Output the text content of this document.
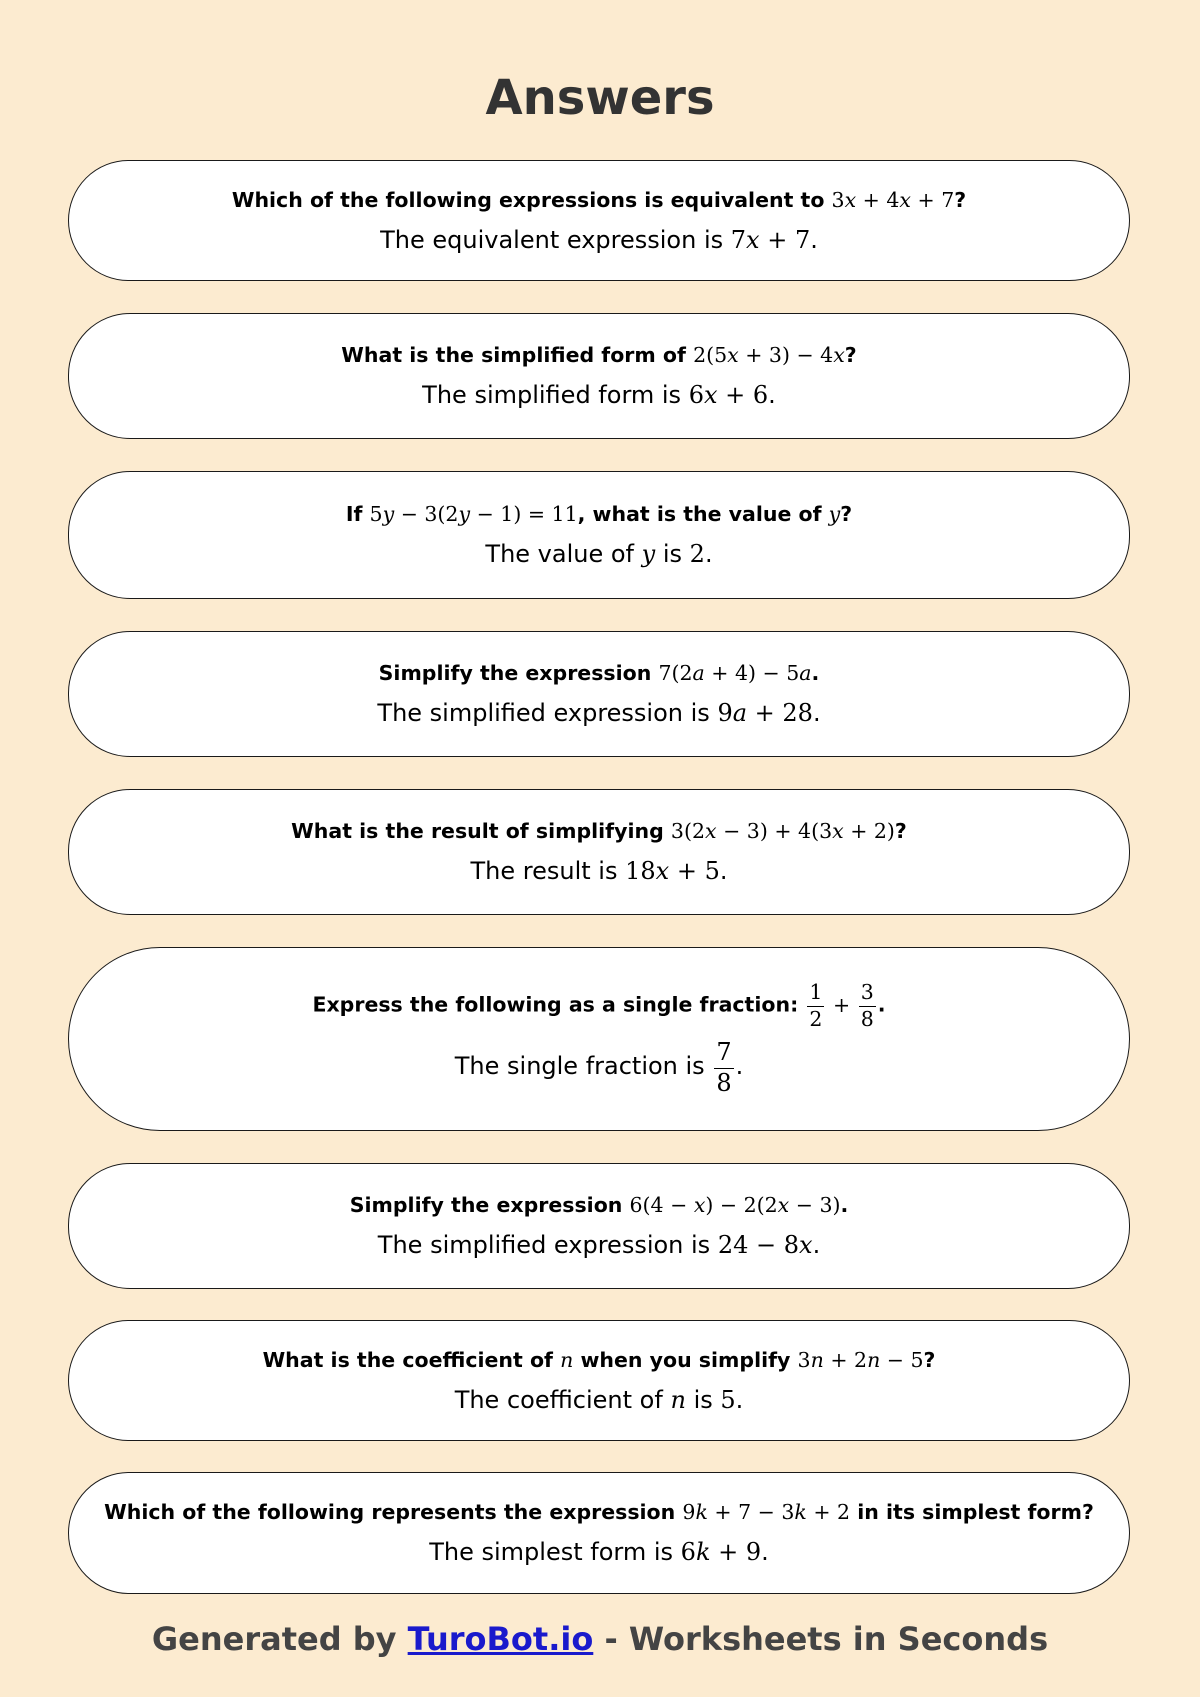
Answers
Which of the following expressions is equivalent to 3x + 4x + 7?
The equivalent expression is 7x + 7.
What is the simplified form of 2(5x + 3) − 4x?
The simplified form is 6x + 6.
If 5y − 3(2y − 1) = 11, what is the value of y?
The value of y is 2.
Simplify the expression 7(2a + 4) − 5a.
The simplified expression is 9a + 28.
What is the result of simplifying 3(2x − 3) + 4(3x + 2)?
The result is 18x + 5.
Express the following as a single fraction: $\frac{1}{2} + \frac{3}{8}$ .
The single fraction is $\frac{7}{8}$ .
Simplify the expression 6(4 − x) − 2(2x − 3).
The simplified expression is 24 − 8x.
What is the coefficient of n when you simplify 3n + 2n − 5?
The coefficient of n is 5.
Which of the following represents the expression 9k + 7 − 3k + 2 in its simplest form?
The simplest form is 6k + 9.
Generated by TuroBot.io - Worksheets in Seconds
